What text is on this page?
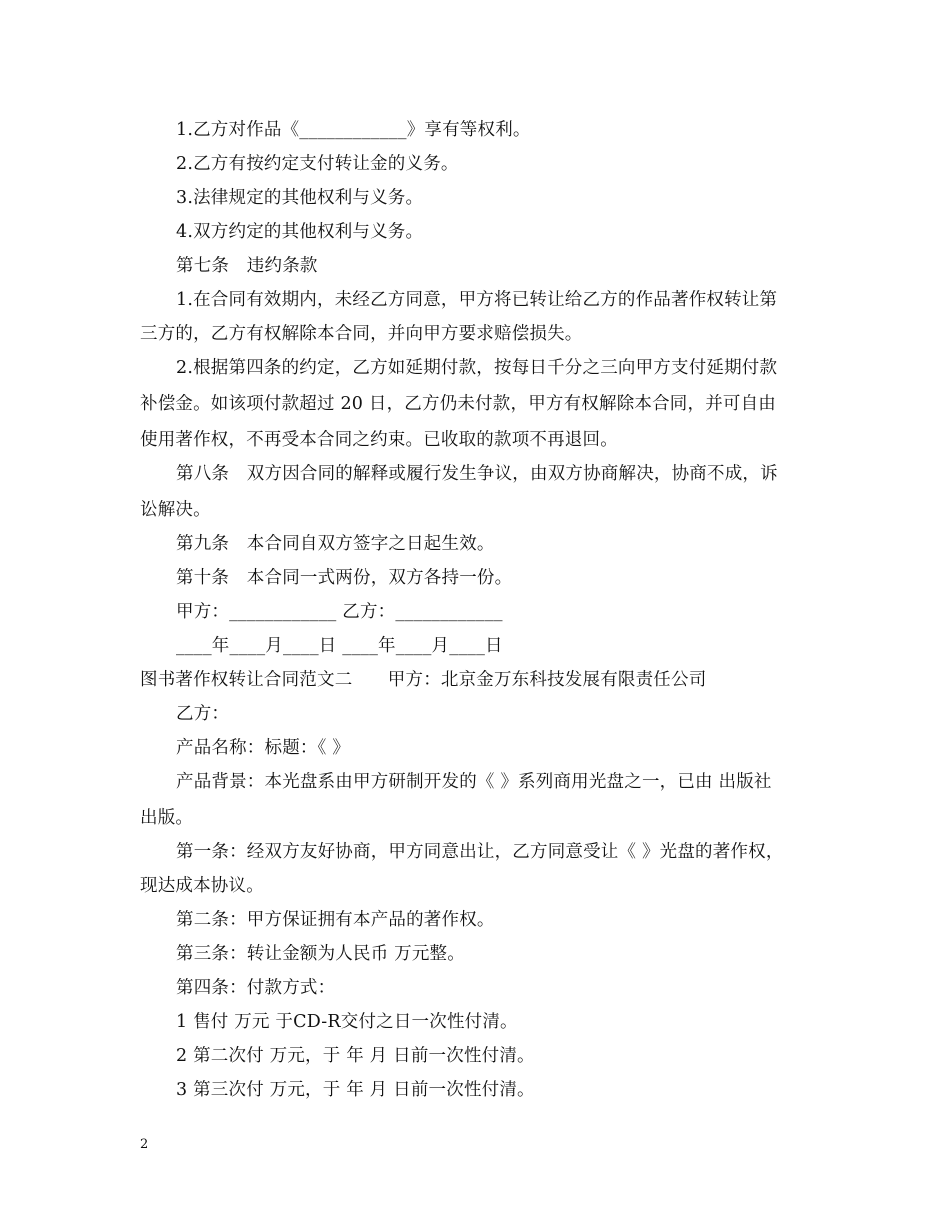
1.乙方对作品《____________》享有等权利。
2.乙方有按约定支付转让金的义务。
3.法律规定的其他权利与义务。
4.双方约定的其他权利与义务。
第七条　违约条款
1.在合同有效期内，未经乙方同意，甲方将已转让给乙方的作品著作权转让第
三方的，乙方有权解除本合同，并向甲方要求赔偿损失。
2.根据第四条的约定，乙方如延期付款，按每日千分之三向甲方支付延期付款
补偿金。如该项付款超过 20 日，乙方仍未付款，甲方有权解除本合同，并可自由
使用著作权，不再受本合同之约束。已收取的款项不再退回。
第八条　双方因合同的解释或履行发生争议，由双方协商解决，协商不成，诉
讼解决。
第九条　本合同自双方签字之日起生效。
第十条　本合同一式两份，双方各持一份。
甲方：____________ 乙方：____________
____年____月____日 ____年____月____日
图书著作权转让合同范文二　　甲方：北京金万东科技发展有限责任公司
乙方：
产品名称：标题：《 》
产品背景：本光盘系由甲方研制开发的《 》系列商用光盘之一，已由 出版社
出版。
第一条：经双方友好协商，甲方同意出让，乙方同意受让《 》光盘的著作权，
现达成本协议。
第二条：甲方保证拥有本产品的著作权。
第三条：转让金额为人民币 万元整。
第四条：付款方式：
1 售付 万元 于CD-R交付之日一次性付清。
2 第二次付 万元，于 年 月 日前一次性付清。
3 第三次付 万元，于 年 月 日前一次性付清。
2
